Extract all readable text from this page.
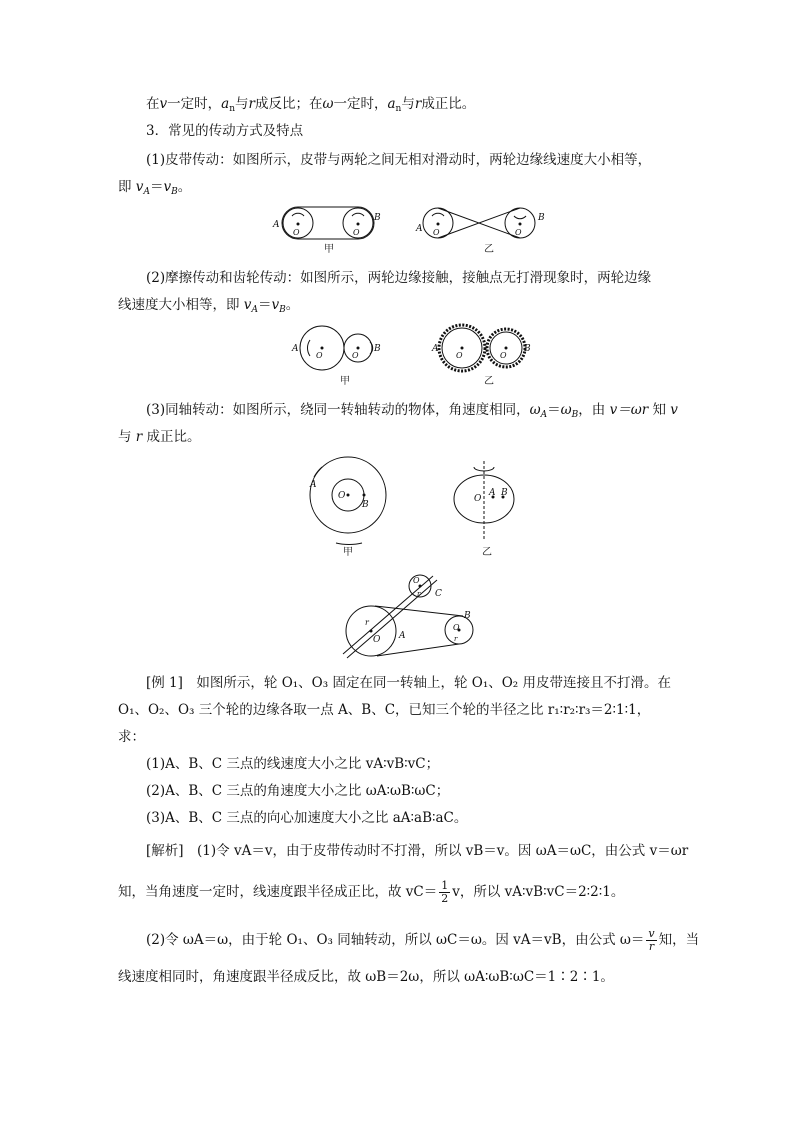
在v一定时，$a_n$与r成反比；在ω一定时，$a_n$与r成正比。
3．常见的传动方式及特点
(1)皮带传动：如图所示，皮带与两轮之间无相对滑动时，两轮边缘线速度大小相等，
即 $v_A=v_B$。
A
B
O	O	A
B
O	O
甲	乙
(2)摩擦传动和齿轮传动：如图所示，两轮边缘接触，接触点无打滑现象时，两轮边缘
线速度大小相等，即 $v_A=v_B$。
A	B
O	O
A	B
O	O
甲	乙
(3)同轴转动：如图所示，绕同一转轴转动的物体，角速度相同，$\omega_A=\omega_B$，由 v＝ωr 知 v
与 r 成正比。
A
O
B
O
A B
甲	乙
O
O
O
A
B
C
r
r
r
[例 1]　如图所示，轮 O₁、O₃ 固定在同一转轴上，轮 O₁、O₂ 用皮带连接且不打滑。在
O₁、O₂、O₃ 三个轮的边缘各取一点 A、B、C，已知三个轮的半径之比 r₁∶r₂∶r₃＝2∶1∶1，
求：
(1)A、B、C 三点的线速度大小之比 vA∶vB∶vC；
(2)A、B、C 三点的角速度大小之比 ωA∶ωB∶ωC；
(3)A、B、C 三点的向心加速度大小之比 aA∶aB∶aC。
[解析]　(1)令 vA＝v，由于皮带传动时不打滑，所以 vB＝v。因 ωA＝ωC，由公式 v＝ωr
知，当角速度一定时，线速度跟半径成正比，故 $vC= \frac{1}{2}$ v，所以 vA∶vB∶vC＝2∶2∶1。
(2)令 ωA＝ω，由于轮 O₁、O₃ 同轴转动，所以 ωC＝ω。因 vA＝vB，由公式 $\omega= \frac{v}{r}$ 知，当
线速度相同时，角速度跟半径成反比，故 ωB＝2ω，所以 ωA∶ωB∶ωC＝1∶2∶1。
